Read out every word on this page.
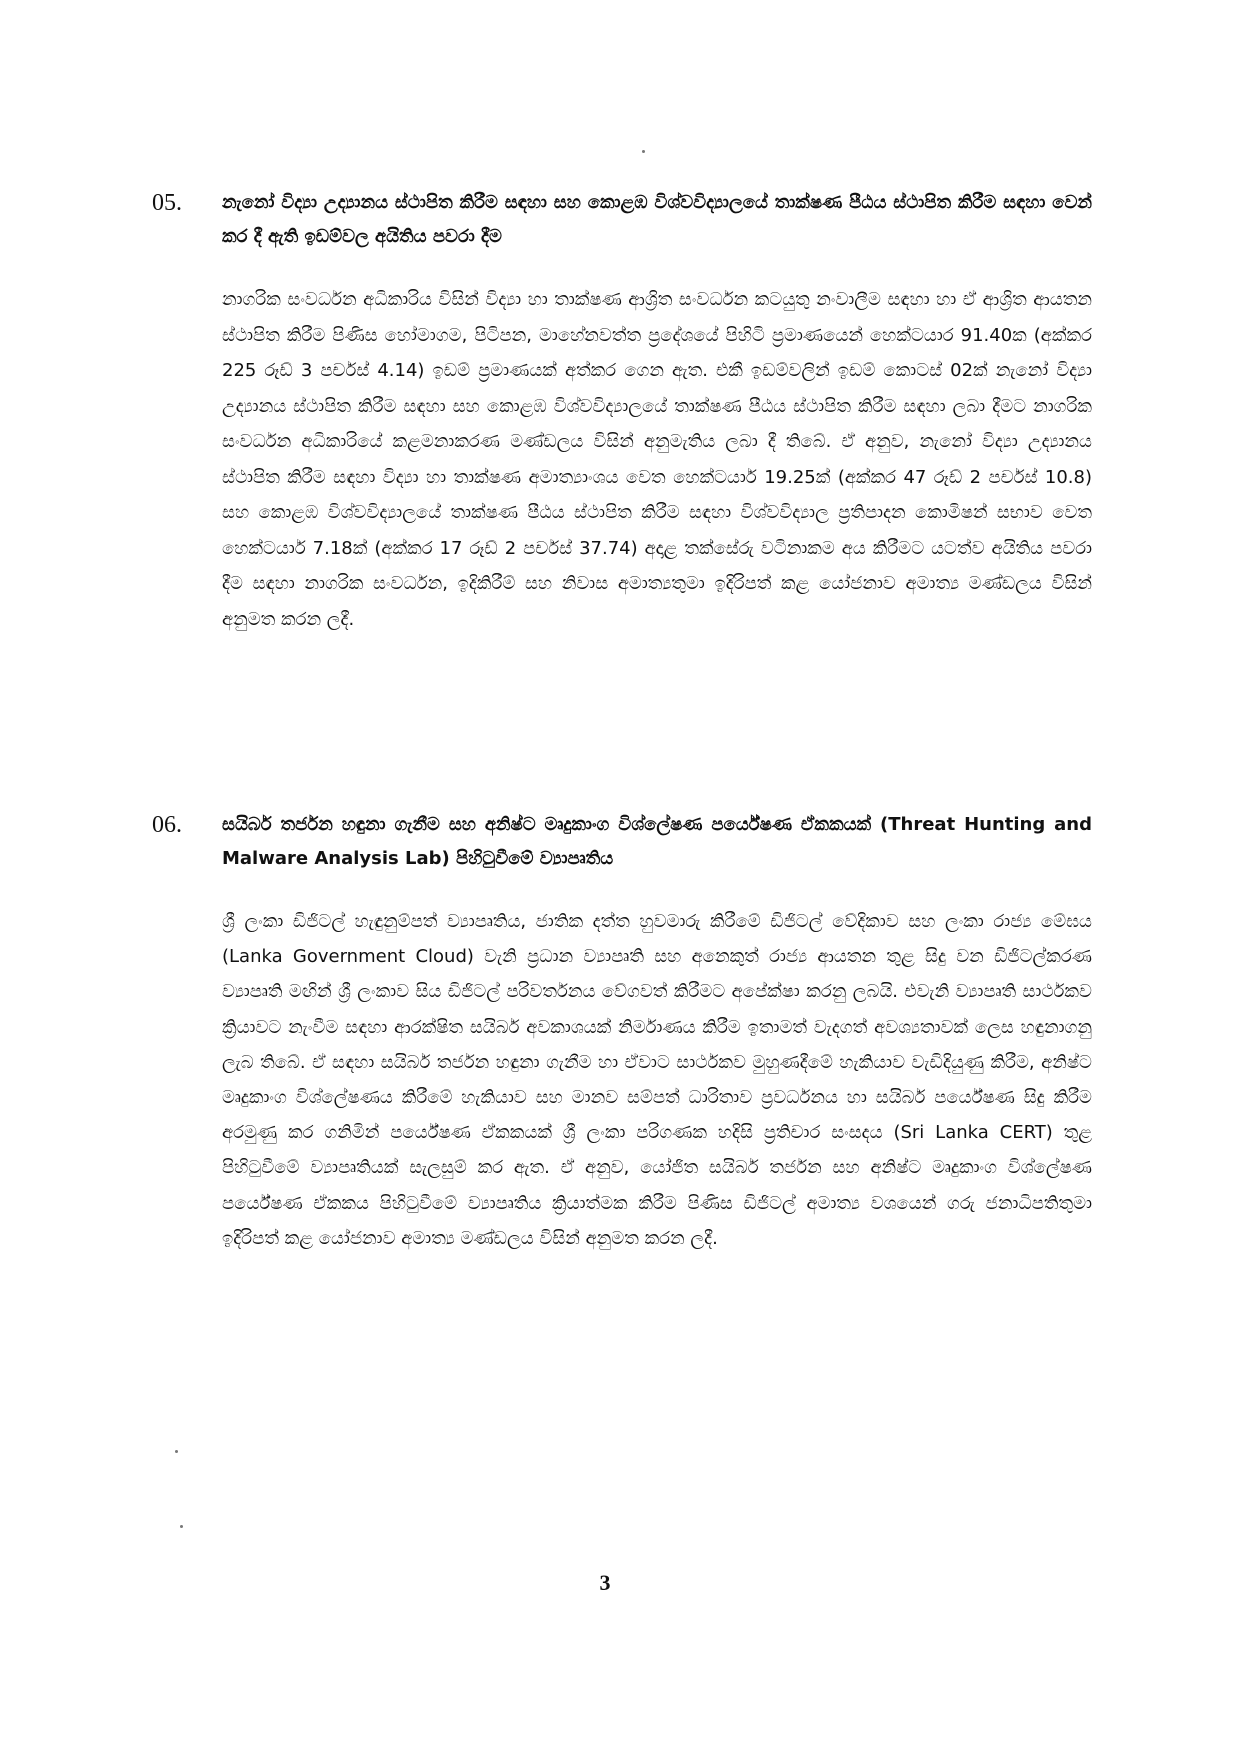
05.	නැනෝ විද්‍යා උද්‍යානය ස්ථාපිත කිරීම සඳහා සහ කොළඹ විශ්වවිද්‍යාලයේ තාක්ෂණ පීඨය ස්ථාපිත කිරීම සඳහා වෙන් කර දී ඇති ඉඩම්වල අයිතිය පවරා දීම
නාගරික සංවර්ධන අධිකාරිය විසින් විද්‍යා හා තාක්ෂණ ආශ්‍රිත සංවර්ධන කටයුතු නංවාලීම සඳහා හා ඒ ආශ්‍රිත ආයතන ස්ථාපිත කිරීම පිණිස හෝමාගම, පිටිපන, මාහේනවත්ත ප්‍රදේශයේ පිහිටි ප්‍රමාණයෙන් හෙක්ටයාර 91.40ක (අක්කර 225 රූඩ් 3 පර්චස් 4.14) ඉඩම් ප්‍රමාණයක් අත්කර ගෙන ඇත. එකී ඉඩම්වලින් ඉඩම් කොටස් 02ක් නැනෝ විද්‍යා උද්‍යානය ස්ථාපිත කිරීම සඳහා සහ කොළඹ විශ්වවිද්‍යාලයේ තාක්ෂණ පීඨය ස්ථාපිත කිරීම සඳහා ලබා දීමට නාගරික සංවර්ධන අධිකාරියේ කළමනාකරණ මණ්ඩලය විසින් අනුමැතිය ලබා දී තිබේ. ඒ අනුව, නැනෝ විද්‍යා උද්‍යානය ස්ථාපිත කිරීම සඳහා විද්‍යා හා තාක්ෂණ අමාත්‍යාංශය වෙත හෙක්ටයාර් 19.25ක් (අක්කර 47 රූඩ් 2 පර්චස් 10.8) සහ කොළඹ විශ්වවිද්‍යාලයේ තාක්ෂණ පීඨය ස්ථාපිත කිරීම සඳහා විශ්වවිද්‍යාල ප්‍රතිපාදන කොමිෂන් සභාව වෙත හෙක්ටයාර් 7.18ක් (අක්කර 17 රූඩ් 2 පර්චස් 37.74) අදාළ තක්සේරු වටිනාකම අය කිරීමට යටත්ව අයිතිය පවරා දීම සඳහා නාගරික සංවර්ධන, ඉදිකිරීම් සහ නිවාස අමාත්‍යතුමා ඉදිරිපත් කළ යෝජනාව අමාත්‍ය මණ්ඩලය විසින් අනුමත කරන ලදී.
06.	සයිබර් තර්ජන හඳුනා ගැනීම සහ අනිෂ්ට මෘදුකාංග විශ්ලේෂණ පර්යේෂණ ඒකකයක් (Threat Hunting and Malware Analysis Lab) පිහිටුවීමේ ව්‍යාපෘතිය
ශ්‍රී ලංකා ඩිජිටල් හැඳුනුම්පත් ව්‍යාපෘතිය, ජාතික දත්ත හුවමාරු කිරීමේ ඩිජිටල් වේදිකාව සහ ලංකා රාජ්‍ය මේඝය (Lanka Government Cloud) වැනි ප්‍රධාන ව්‍යාපෘති සහ අනෙකුත් රාජ්‍ය ආයතන තුළ සිදු වන ඩිජිටල්කරණ ව්‍යාපෘති මඟින් ශ්‍රී ලංකාව සිය ඩිජිටල් පරිවර්තනය වේගවත් කිරීමට අපේක්ෂා කරනු ලබයි. එවැනි ව්‍යාපෘති සාර්ථකව ක්‍රියාවට නැංවීම සඳහා ආරක්ෂිත සයිබර් අවකාශයක් නිර්මාණය කිරීම ඉතාමත් වැදගත් අවශ්‍යතාවක් ලෙස හඳුනාගනු ලැබ තිබේ. ඒ සඳහා සයිබර් තර්ජන හඳුනා ගැනීම හා ඒවාට සාර්ථකව මුහුණදීමේ හැකියාව වැඩිදියුණු කිරීම, අනිෂ්ට මෘදුකාංග විශ්ලේෂණය කිරීමේ හැකියාව සහ මානව සම්පත් ධාරිතාව ප්‍රවර්ධනය හා සයිබර් පර්යේෂණ සිදු කිරීම අරමුණු කර ගනිමින් පර්යේෂණ ඒකකයක් ශ්‍රී ලංකා පරිගණක හදිසි ප්‍රතිචාර සංසදය (Sri Lanka CERT) තුළ පිහිටුවීමේ ව්‍යාපෘතියක් සැලසුම් කර ඇත. ඒ අනුව, යෝජිත සයිබර් තර්ජන සහ අනිෂ්ට මෘදුකාංග විශ්ලේෂණ පර්යේෂණ ඒකකය පිහිටුවීමේ ව්‍යාපෘතිය ක්‍රියාත්මක කිරීම පිණිස ඩිජිටල් අමාත්‍ය වශයෙන් ගරු ජනාධිපතිතුමා ඉදිරිපත් කළ යෝජනාව අමාත්‍ය මණ්ඩලය විසින් අනුමත කරන ලදී.
3
